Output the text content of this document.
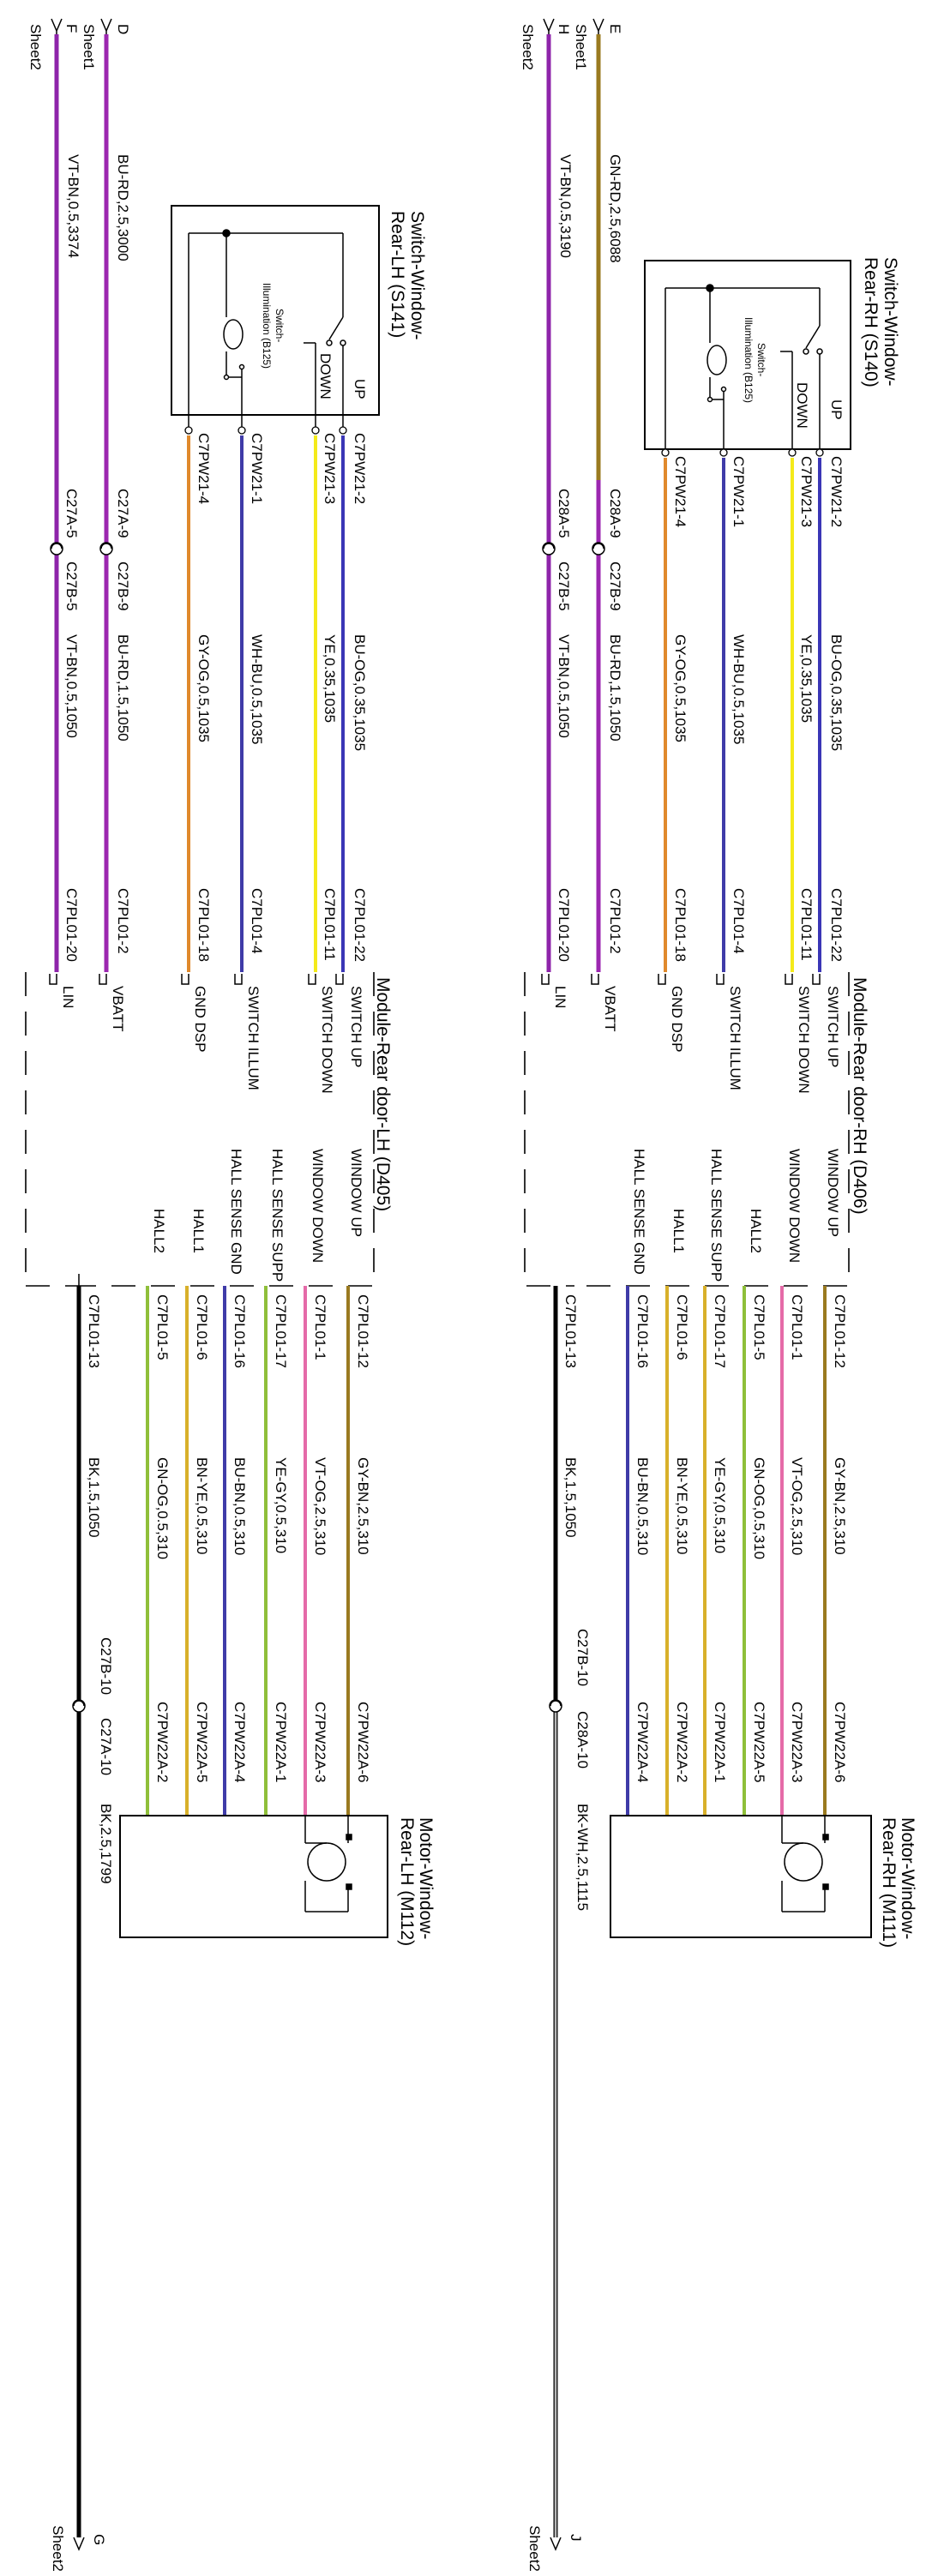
Sheet2 F Sheet1 D
VT-BN,0.5,3374 BU-RD,2.5,3000
C27A-5
C27B-5
C27A-9
C27B-9
BU-RD,1.5,1050
VT-BN,0.5,1050
C7PL01-2
C7PL01-20
Switch-Window-
Rear-LH (S141)
UP
DOWN
Switch-
Illumination (B125)
C7PW21-2
C7PW21-3
C7PW21-1
C7PW21-4
BU-OG,0.35,1035
YE,0.35,1035
WH-BU,0.5,1035
GY-OG,0.5,1035
C7PL01-22
C7PL01-11
C7PL01-4
C7PL01-18
Module-Rear door-LH (D405)
SWITCH UP
SWITCH DOWN
SWITCH ILLUM
GND DSP
VBATT
LIN
WINDOW UP
WINDOW DOWN
HALL SENSE SUPP
HALL SENSE GND
HALL1
HALL2
C7PL01-12
C7PL01-1
C7PL01-17
C7PL01-16
C7PL01-6
C7PL01-5
C7PL01-13
GY-BN,2.5,310
VT-OG,2.5,310
YE-GY,0.5,310
BU-BN,0.5,310
BN-YE,0.5,310
GN-OG,0.5,310
BK,1.5,1050
C7PW22A-6
C7PW22A-3
C7PW22A-1
C7PW22A-4
C7PW22A-5
C7PW22A-2
C27B-10
C27A-10
BK,2.5,1799	Motor-Window-
Rear-LH (M112)
Sheet2 G
Sheet2 H Sheet1 E
VT-BN,0.5,3190 GN-RD,2.5,6088
C28A-5
C27B-5
C28A-9
C27B-9
BU-RD,1.5,1050
VT-BN,0.5,1050
C7PL01-2
C7PL01-20
Switch-Window-
Rear-RH (S140)
UP
DOWN
Switch-
Illumination (B125)
C7PW21-2
C7PW21-3
C7PW21-1
C7PW21-4
BU-OG,0.35,1035
YE,0.35,1035
WH-BU,0.5,1035
GY-OG,0.5,1035
C7PL01-22
C7PL01-11
C7PL01-4
C7PL01-18
Module-Rear door-RH (D406)
SWITCH UP
SWITCH DOWN
SWITCH ILLUM
GND DSP
VBATT
LIN
WINDOW UP
WINDOW DOWN
HALL2
HALL SENSE SUPP
HALL1
HALL SENSE GND
C7PL01-12
C7PL01-1
C7PL01-5
C7PL01-17
C7PL01-6
C7PL01-16
C7PL01-13
GY-BN,2.5,310
VT-OG,2.5,310
GN-OG,0.5,310
YE-GY,0.5,310
BN-YE,0.5,310
BU-BN,0.5,310
BK,1.5,1050
C7PW22A-6
C7PW22A-3
C7PW22A-5
C7PW22A-1
C7PW22A-2
C7PW22A-4
C27B-10
C28A-10
BK-WH,2.5,1115	Motor-Window-
Rear-RH (M111)
Sheet2 J
